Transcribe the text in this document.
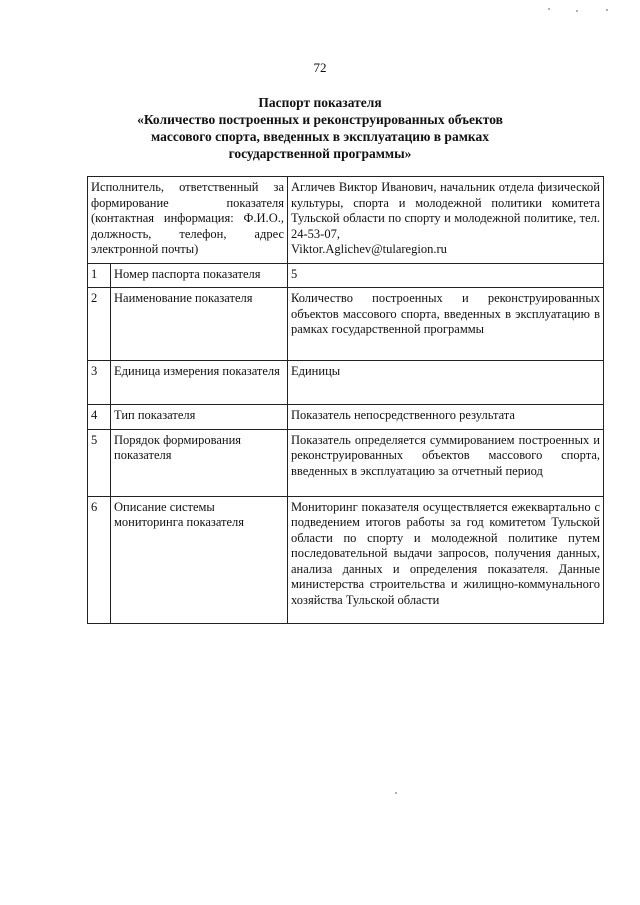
72
Паспорт показателя
«Количество построенных и реконструированных объектов
массового спорта, введенных в эксплуатацию в рамках
государственной программы»
Исполнитель, ответственный за формирование показателя (контактная информация: Ф.И.О., должность, телефон, адрес электронной почты)		Агличев Виктор Иванович, начальник отдела физической культуры, спорта и молодежной политики комитета Тульской области по спорту и молодежной политике, тел. 24-53-07,
Viktor.Aglichev@tularegion.ru

1	Номер паспорта показателя	5
2	Наименование показателя	Количество построенных и реконструированных объектов массового спорта, введенных в эксплуатацию в рамках государственной программы
3	Единица измерения показателя	Единицы
4	Тип показателя	Показатель непосредственного результата
5	Порядок формирования показателя	Показатель определяется суммированием построенных и реконструированных объектов массового спорта, введенных в эксплуатацию за отчетный период
6	Описание системы мониторинга показателя	Мониторинг показателя осуществляется ежеквартально с подведением итогов работы за год комитетом Тульской области по спорту и молодежной политике путем последовательной выдачи запросов, получения данных, анализа данных и определения показателя. Данные министерства строительства и жилищно-коммунального хозяйства Тульской области
